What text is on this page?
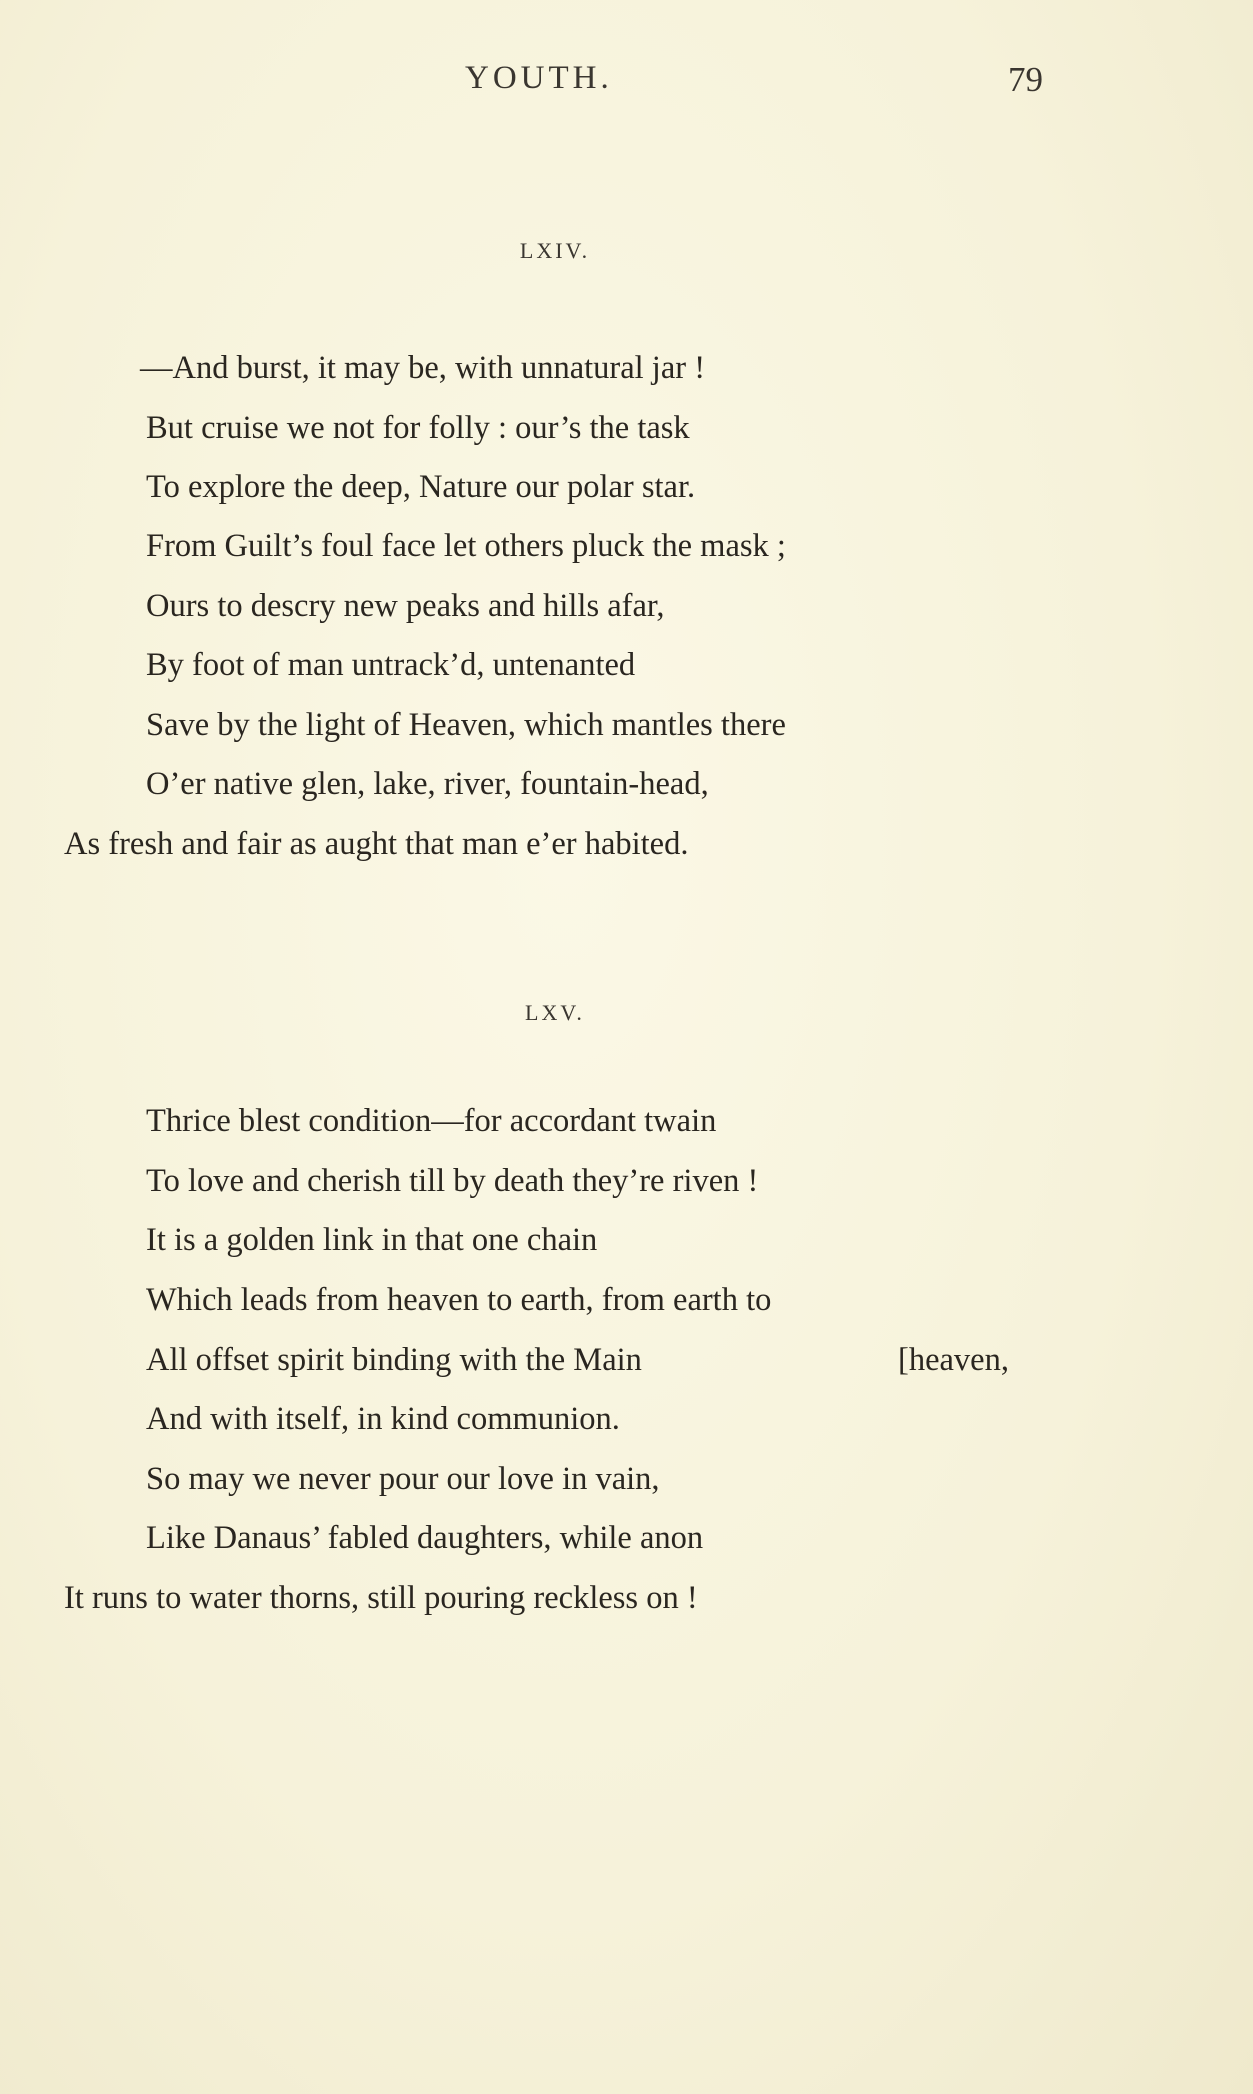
YOUTH.	79
LXIV.
—And burst, it may be, with unnatural jar !
But cruise we not for folly : our’s the task
To explore the deep, Nature our polar star.
From Guilt’s foul face let others pluck the mask ;
Ours to descry new peaks and hills afar,
By foot of man untrack’d, untenanted
Save by the light of Heaven, which mantles there
O’er native glen, lake, river, fountain-head,
As fresh and fair as aught that man e’er habited.
LXV.
Thrice blest condition—for accordant twain
To love and cherish till by death they’re riven !
It is a golden link in that one chain
Which leads from heaven to earth, from earth to
All offset spirit binding with the Main	[heaven,
And with itself, in kind communion.
So may we never pour our love in vain,
Like Danaus’ fabled daughters, while anon
It runs to water thorns, still pouring reckless on !
